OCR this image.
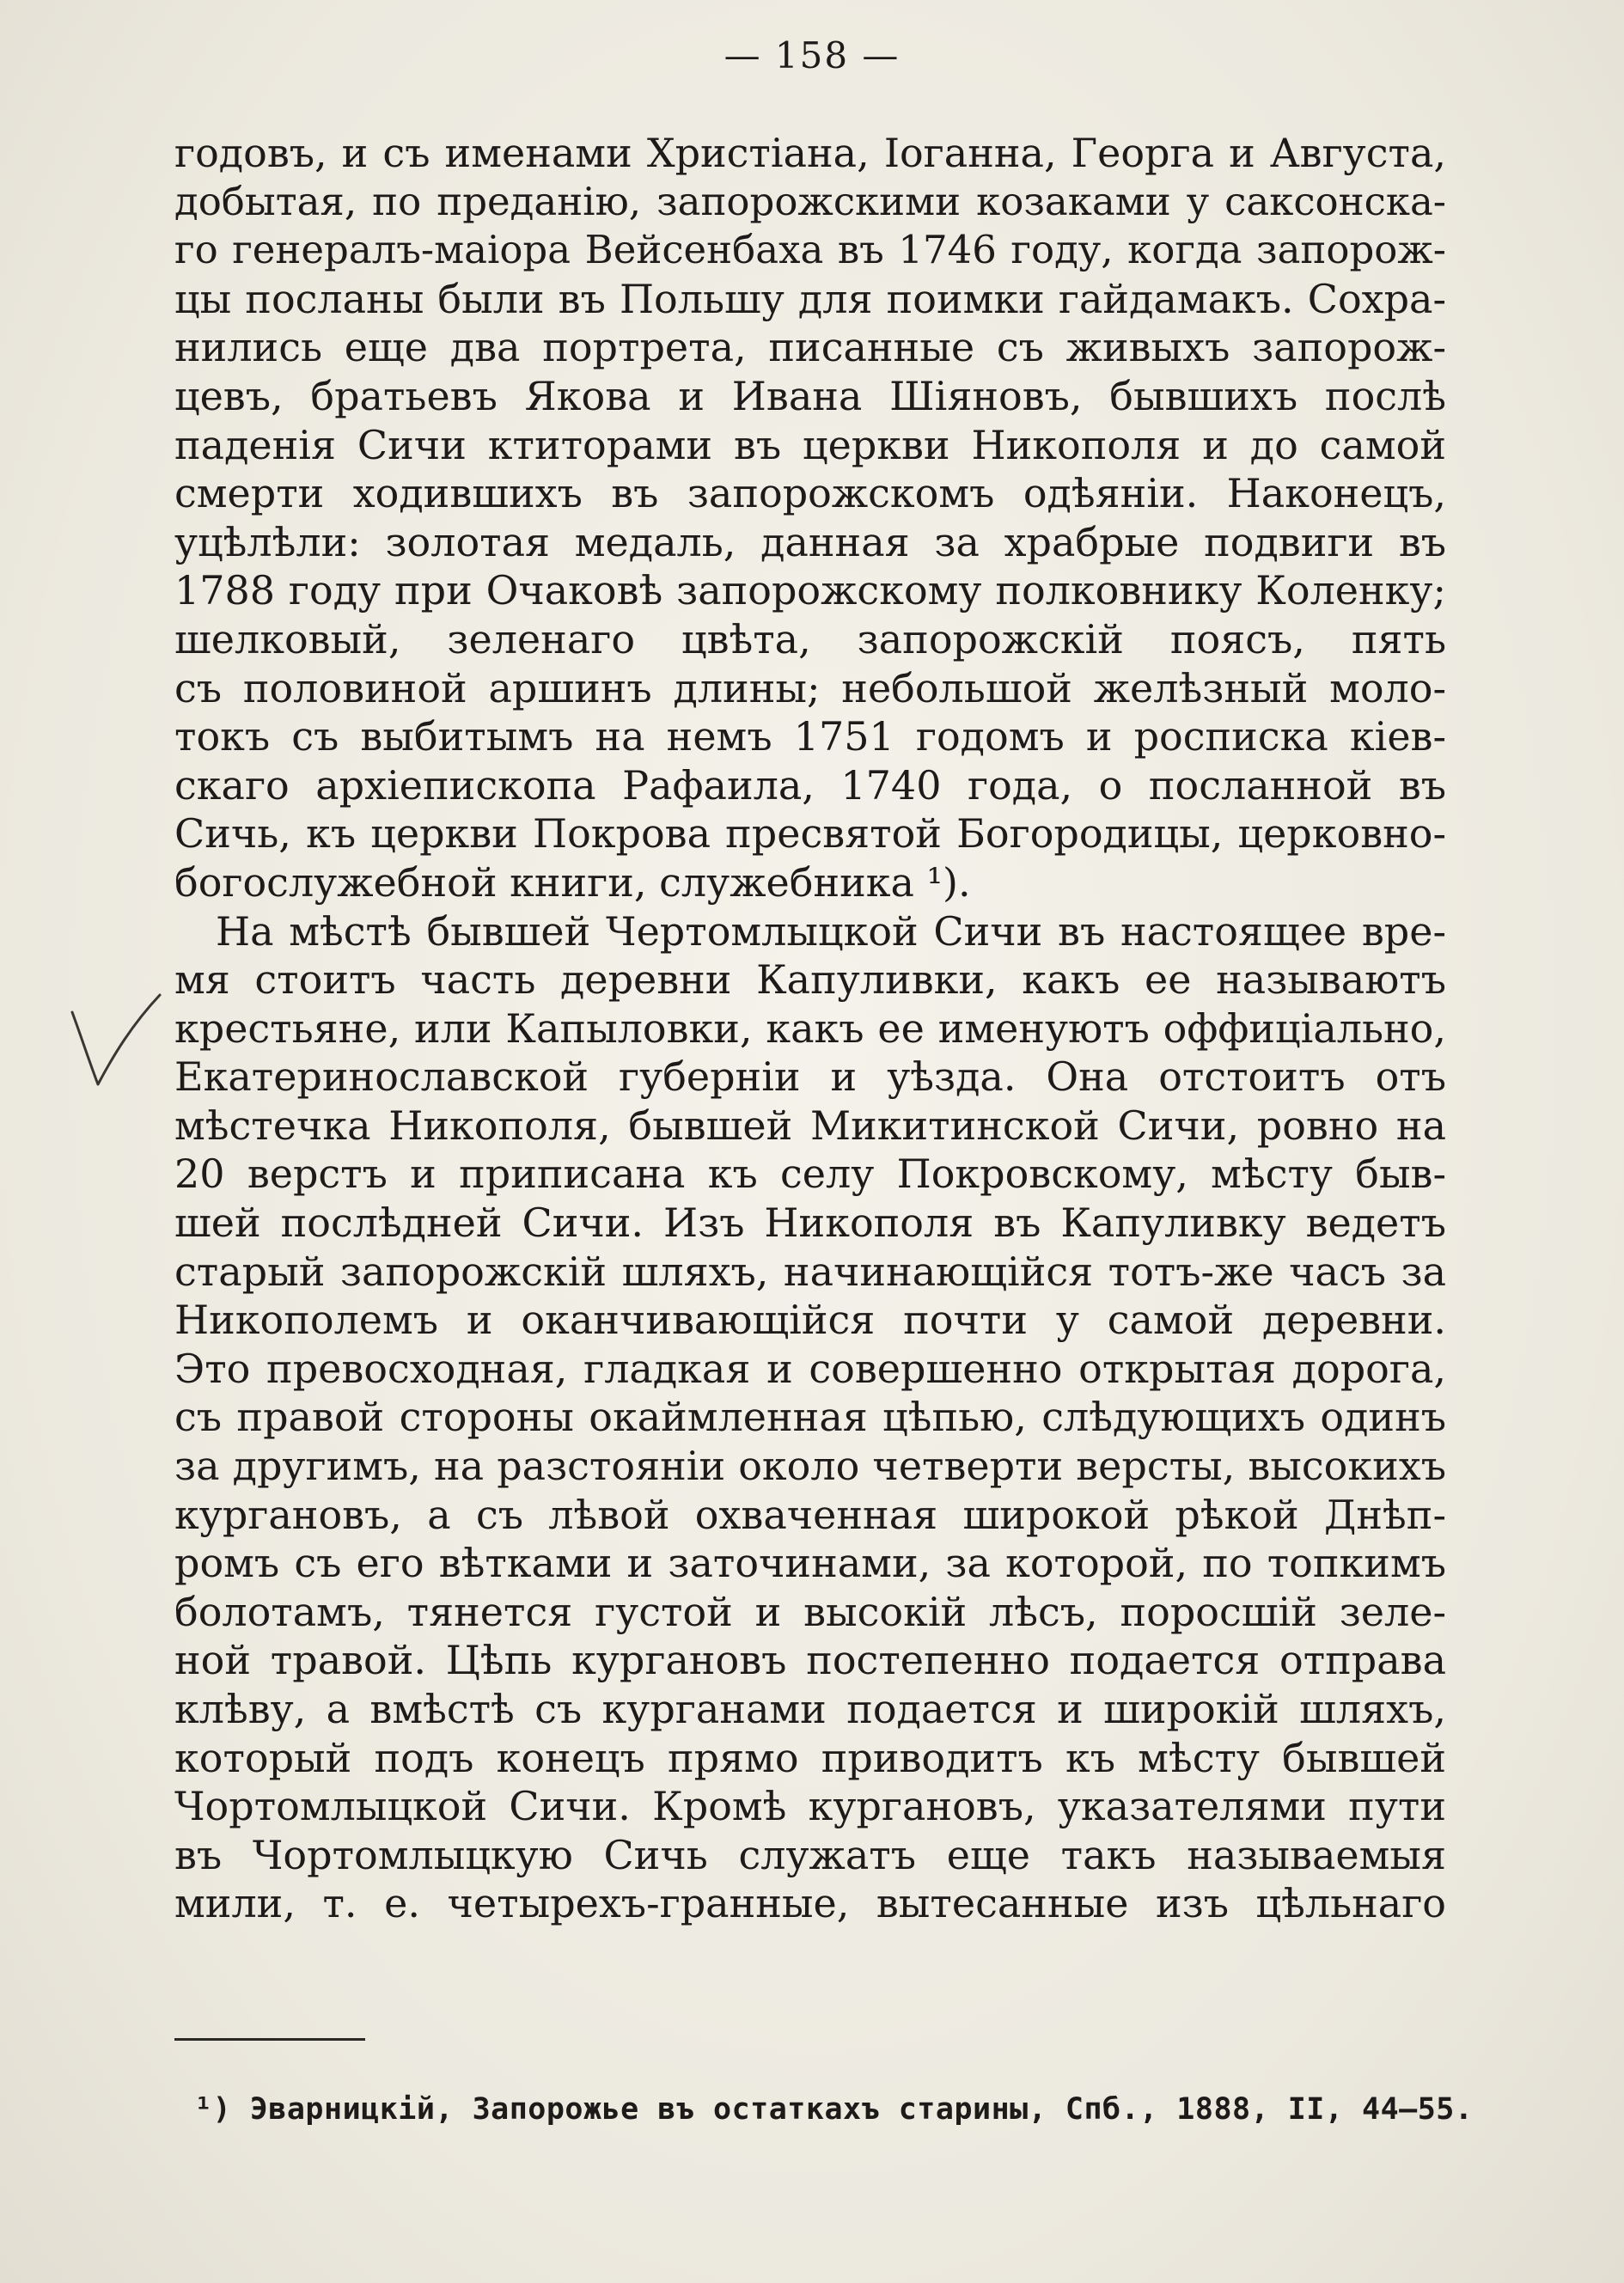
— 158 —
годовъ, и съ именами Христіана, Іоганна, Георга и Августа,
добытая, по преданію, запорожскими козаками у саксонска-
го генералъ-маіора Вейсенбаха въ 1746 году, когда запорож-
цы посланы были въ Польшу для поимки гайдамакъ. Сохра-
нились еще два портрета, писанные съ живыхъ запорож-
цевъ, братьевъ Якова и Ивана Шіяновъ, бывшихъ послѣ
паденія Сичи ктиторами въ церкви Никополя и до самой
смерти ходившихъ въ запорожскомъ одѣяніи. Наконецъ,
уцѣлѣли: золотая медаль, данная за храбрые подвиги въ
1788 году при Очаковѣ запорожскому полковнику Коленку;
шелковый, зеленаго цвѣта, запорожскій поясъ, пять
съ половиной аршинъ длины; небольшой желѣзный моло-
токъ съ выбитымъ на немъ 1751 годомъ и росписка кіев-
скаго архіепископа Рафаила, 1740 года, о посланной въ
Сичь, къ церкви Покрова пресвятой Богородицы, церковно-
богослужебной книги, служебника ¹).
На мѣстѣ бывшей Чертомлыцкой Сичи въ настоящее вре-
мя стоитъ часть деревни Капуливки, какъ ее называютъ
крестьяне, или Капыловки, какъ ее именуютъ оффиціально,
Екатеринославской губерніи и уѣзда. Она отстоитъ отъ
мѣстечка Никополя, бывшей Микитинской Сичи, ровно на
20 верстъ и приписана къ селу Покровскому, мѣсту быв-
шей послѣдней Сичи. Изъ Никополя въ Капуливку ведетъ
старый запорожскій шляхъ, начинающійся тотъ-же часъ за
Никополемъ и оканчивающійся почти у самой деревни.
Это превосходная, гладкая и совершенно открытая дорога,
съ правой стороны окаймленная цѣпью, слѣдующихъ одинъ
за другимъ, на разстояніи около четверти версты, высокихъ
кургановъ, а съ лѣвой охваченная широкой рѣкой Днѣп-
ромъ съ его вѣтками и заточинами, за которой, по топкимъ
болотамъ, тянется густой и высокій лѣсъ, поросшій зеле-
ной травой. Цѣпь кургановъ постепенно подается отправа
клѣву, а вмѣстѣ съ курганами подается и широкій шляхъ,
который подъ конецъ прямо приводитъ къ мѣсту бывшей
Чортомлыцкой Сичи. Кромѣ кургановъ, указателями пути
въ Чортомлыцкую Сичь служатъ еще такъ называемыя
мили, т. е. четырехъ-гранные, вытесанные изъ цѣльнаго
¹) Эварницкій, Запорожье въ остаткахъ старины, Спб., 1888, II, 44—55.
